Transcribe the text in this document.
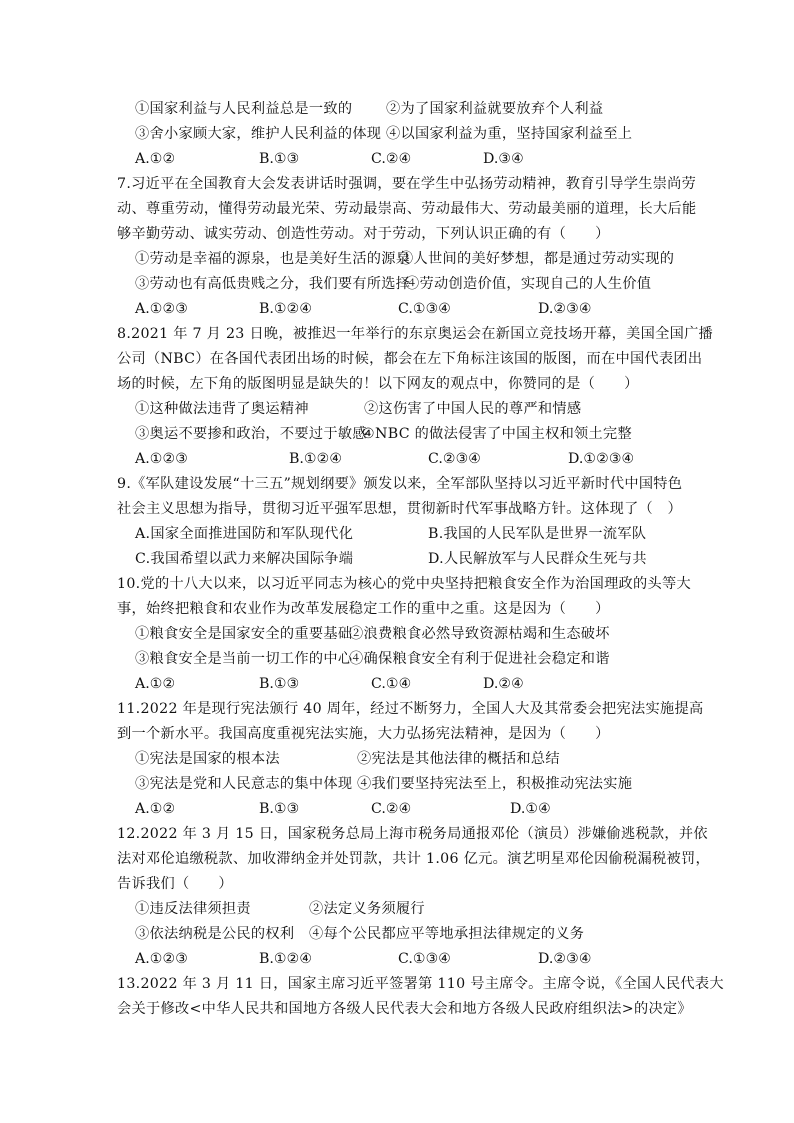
①国家利益与人民利益总是一致的 ②为了国家利益就要放弃个人利益
③舍小家顾大家，维护人民利益的体现 ④以国家利益为重，坚持国家利益至上
A.①②	B.①③	C.②④	D.③④
7.习近平在全国教育大会发表讲话时强调，要在学生中弘扬劳动精神，教育引导学生崇尚劳
动、尊重劳动，懂得劳动最光荣、劳动最崇高、劳动最伟大、劳动最美丽的道理，长大后能
够辛勤劳动、诚实劳动、创造性劳动。对于劳动，下列认识正确的有（　　）
①劳动是幸福的源泉，也是美好生活的源泉
②人世间的美好梦想，都是通过劳动实现的
③劳动也有高低贵贱之分，我们要有所选择
④劳动创造价值，实现自己的人生价值
A.①②③	B.①②④	C.①③④	D.②③④
8.2021 年 7 月 23 日晚，被推迟一年举行的东京奥运会在新国立竞技场开幕，美国全国广播
公司（NBC）在各国代表团出场的时候，都会在左下角标注该国的版图，而在中国代表团出
场的时候，左下角的版图明显是缺失的！以下网友的观点中，你赞同的是（　　）
①这种做法违背了奥运精神	②这伤害了中国人民的尊严和情感
③奥运不要掺和政治，不要过于敏感
④NBC 的做法侵害了中国主权和领土完整
A.①②③	B.①②④	C.②③④	D.①②③④
9.《军队建设发展“十三五”规划纲要》颁发以来，全军部队坚持以习近平新时代中国特色
社会主义思想为指导，贯彻习近平强军思想，贯彻新时代军事战略方针。这体现了（　）
A.国家全面推进国防和军队现代化	B.我国的人民军队是世界一流军队
C.我国希望以武力来解决国际争端	D.人民解放军与人民群众生死与共
10.党的十八大以来，以习近平同志为核心的党中央坚持把粮食安全作为治国理政的头等大
事，始终把粮食和农业作为改革发展稳定工作的重中之重。这是因为（　　）
①粮食安全是国家安全的重要基础
②浪费粮食必然导致资源枯竭和生态破坏
③粮食安全是当前一切工作的中心
④确保粮食安全有利于促进社会稳定和谐
A.①②	B.①③	C.①④	D.②④
11.2022 年是现行宪法颁行 40 周年，经过不断努力，全国人大及其常委会把宪法实施提高
到一个新水平。我国高度重视宪法实施，大力弘扬宪法精神，是因为（　　）
①宪法是国家的根本法	②宪法是其他法律的概括和总结
③宪法是党和人民意志的集中体现 ④我们要坚持宪法至上，积极推动宪法实施
A.①②	B.①③	C.②④	D.①④
12.2022 年 3 月 15 日，国家税务总局上海市税务局通报邓伦（演员）涉嫌偷逃税款，并依
法对邓伦追缴税款、加收滞纳金并处罚款，共计 1.06 亿元。演艺明星邓伦因偷税漏税被罚，
告诉我们（　　）
①违反法律须担责	②法定义务须履行
③依法纳税是公民的权利 ④每个公民都应平等地承担法律规定的义务
A.①②③	B.①②④	C.①③④	D.②③④
13.2022 年 3 月 11 日，国家主席习近平签署第 110 号主席令。主席令说，《全国人民代表大
会关于修改<中华人民共和国地方各级人民代表大会和地方各级人民政府组织法>的决定》
